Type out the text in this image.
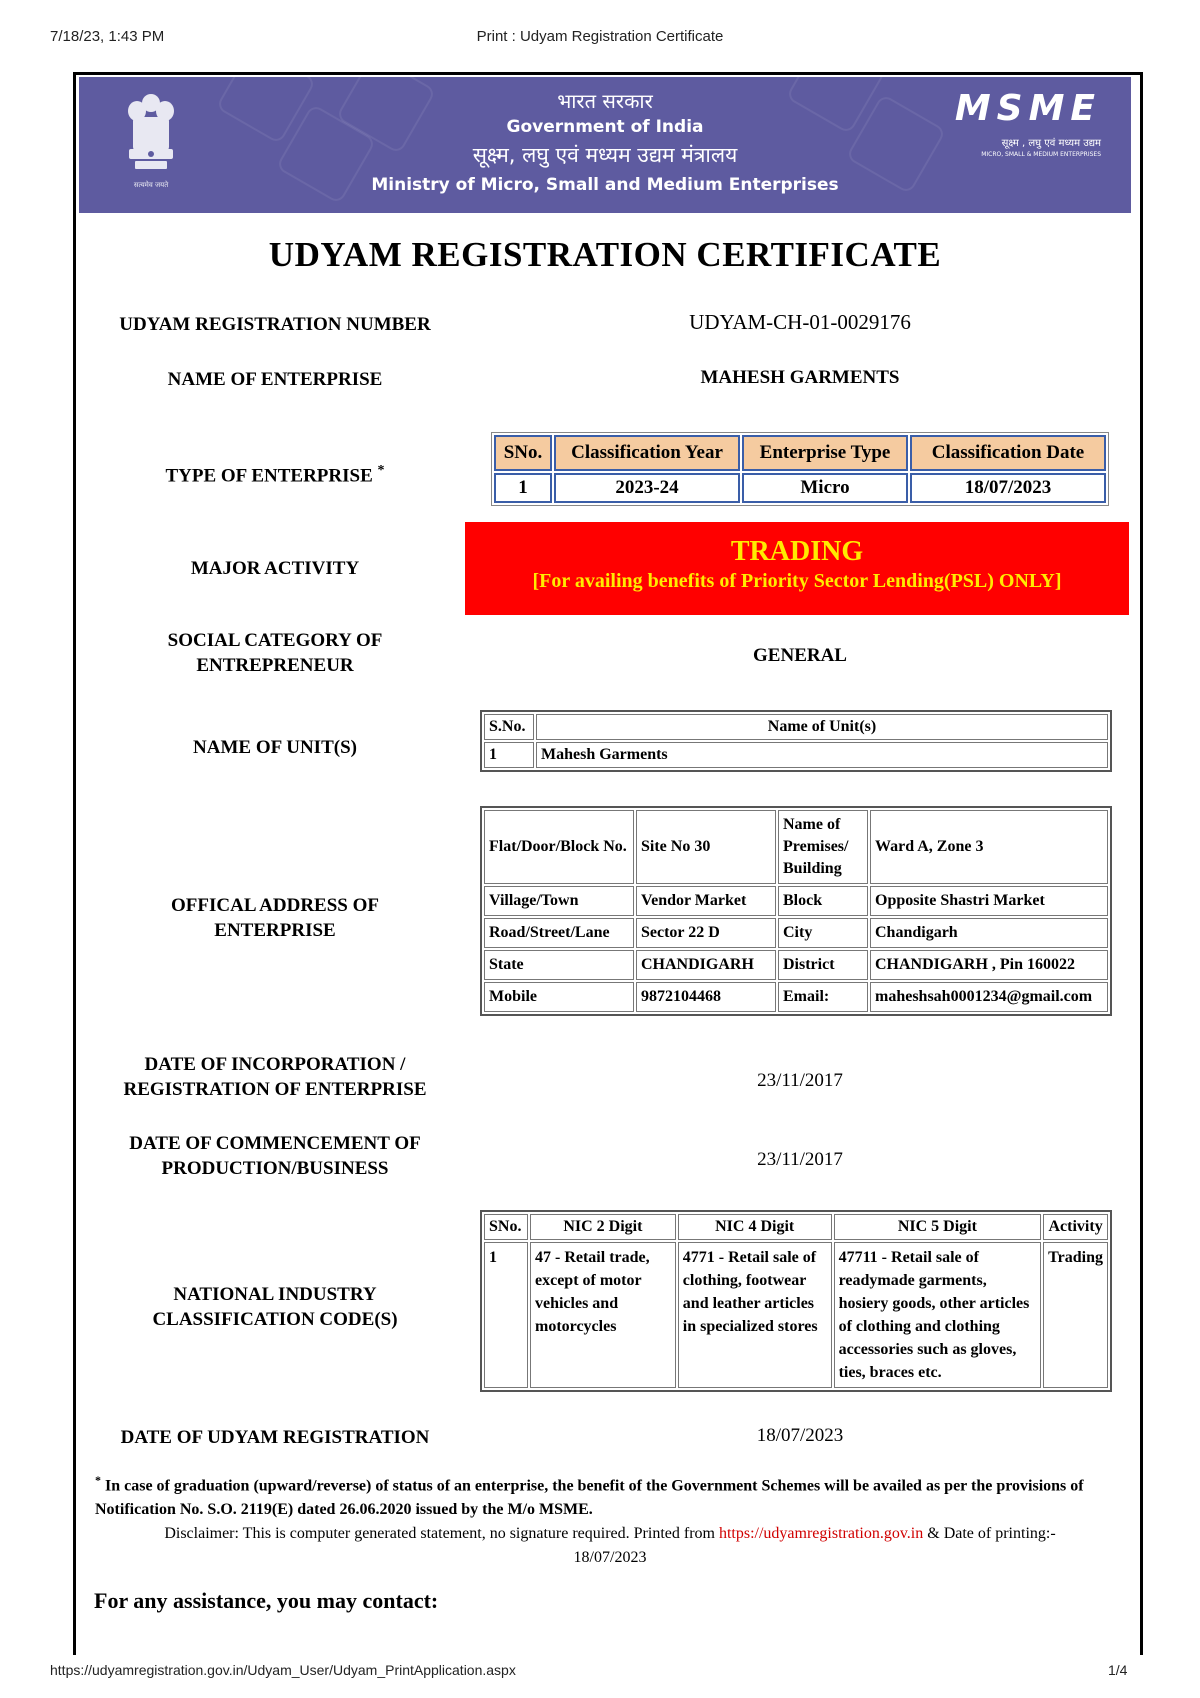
7/18/23, 1:43 PM	Print : Udyam Registration Certificate
सत्यमेव जयते
भारत सरकार
Government of India
सूक्ष्म, लघु एवं मध्यम उद्यम मंत्रालय
Ministry of Micro, Small and Medium Enterprises
MSME
सूक्ष्म , लघु एवं मध्यम उद्यम
MICRO, SMALL & MEDIUM ENTERPRISES
UDYAM REGISTRATION CERTIFICATE
UDYAM REGISTRATION NUMBER	UDYAM-CH-01-0029176
NAME OF ENTERPRISE	MAHESH GARMENTS
TYPE OF ENTERPRISE *
SNo.	Classification Year	Enterprise Type	Classification Date
1	2023-24	Micro	18/07/2023
MAJOR ACTIVITY
TRADING
[For availing benefits of Priority Sector Lending(PSL) ONLY]
SOCIAL CATEGORY OF
ENTREPRENEUR	GENERAL
NAME OF UNIT(S)
S.No.	Name of Unit(s)
1	Mahesh Garments
OFFICAL ADDRESS OF
ENTERPRISE
Flat/Door/Block No.	Site No 30	Name of Premises/ Building	Ward A, Zone 3
Village/Town	Vendor Market	Block	Opposite Shastri Market
Road/Street/Lane	Sector 22 D	City	Chandigarh
State	CHANDIGARH	District	CHANDIGARH , Pin 160022
Mobile	9872104468	Email:	maheshsah0001234@gmail.com
DATE OF INCORPORATION /
REGISTRATION OF ENTERPRISE	23/11/2017
DATE OF COMMENCEMENT OF
PRODUCTION/BUSINESS	23/11/2017
NATIONAL INDUSTRY
CLASSIFICATION CODE(S)
SNo.	NIC 2 Digit	NIC 4 Digit	NIC 5 Digit	Activity
1	47 - Retail trade, except of motor vehicles and motorcycles	4771 - Retail sale of clothing, footwear and leather articles in specialized stores	47711 - Retail sale of readymade garments, hosiery goods, other articles of clothing and clothing accessories such as gloves, ties, braces etc.	Trading
DATE OF UDYAM REGISTRATION	18/07/2023
* In case of graduation (upward/reverse) of status of an enterprise, the benefit of the Government Schemes will be availed as per the provisions of Notification No. S.O. 2119(E) dated 26.06.2020 issued by the M/o MSME.
Disclaimer: This is computer generated statement, no signature required. Printed from https://udyamregistration.gov.in & Date of printing:-
18/07/2023
For any assistance, you may contact:
https://udyamregistration.gov.in/Udyam_User/Udyam_PrintApplication.aspx	1/4
